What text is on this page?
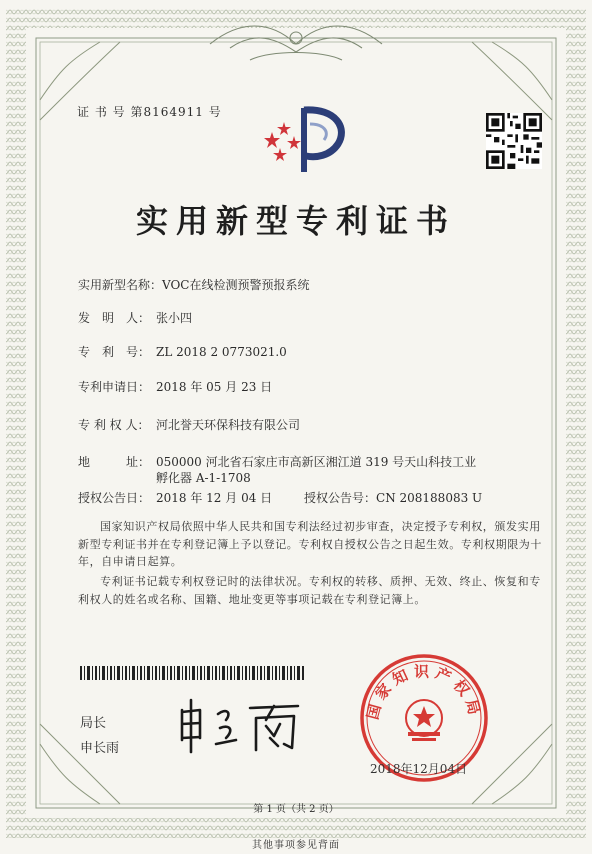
证 书 号 第8164911 号
实用新型专利证书
实用新型名称：VOC在线检测预警预报系统
发　明　人： 张小四
专　利　号： ZL 2018 2 0773021.0
专利申请日： 2018 年 05 月 23 日
专 利 权 人： 河北誉天环保科技有限公司
地　　　址： 050000 河北省石家庄市高新区湘江道 319 号天山科技工业
孵化器 A-1-1708
授权公告日： 2018 年 12 月 04 日	授权公告号：CN 208188083 U
国家知识产权局依照中华人民共和国专利法经过初步审查，决定授予专利权，颁发实用新型专利证书并在专利登记簿上予以登记。专利权自授权公告之日起生效。专利权期限为十年，自申请日起算。
专利证书记载专利权登记时的法律状况。专利权的转移、质押、无效、终止、恢复和专利权人的姓名或名称、国籍、地址变更等事项记载在专利登记簿上。
局长
申长雨
国家知识产权局
2018年12月04日
第 1 页（共 2 页）
其他事项参见背面
